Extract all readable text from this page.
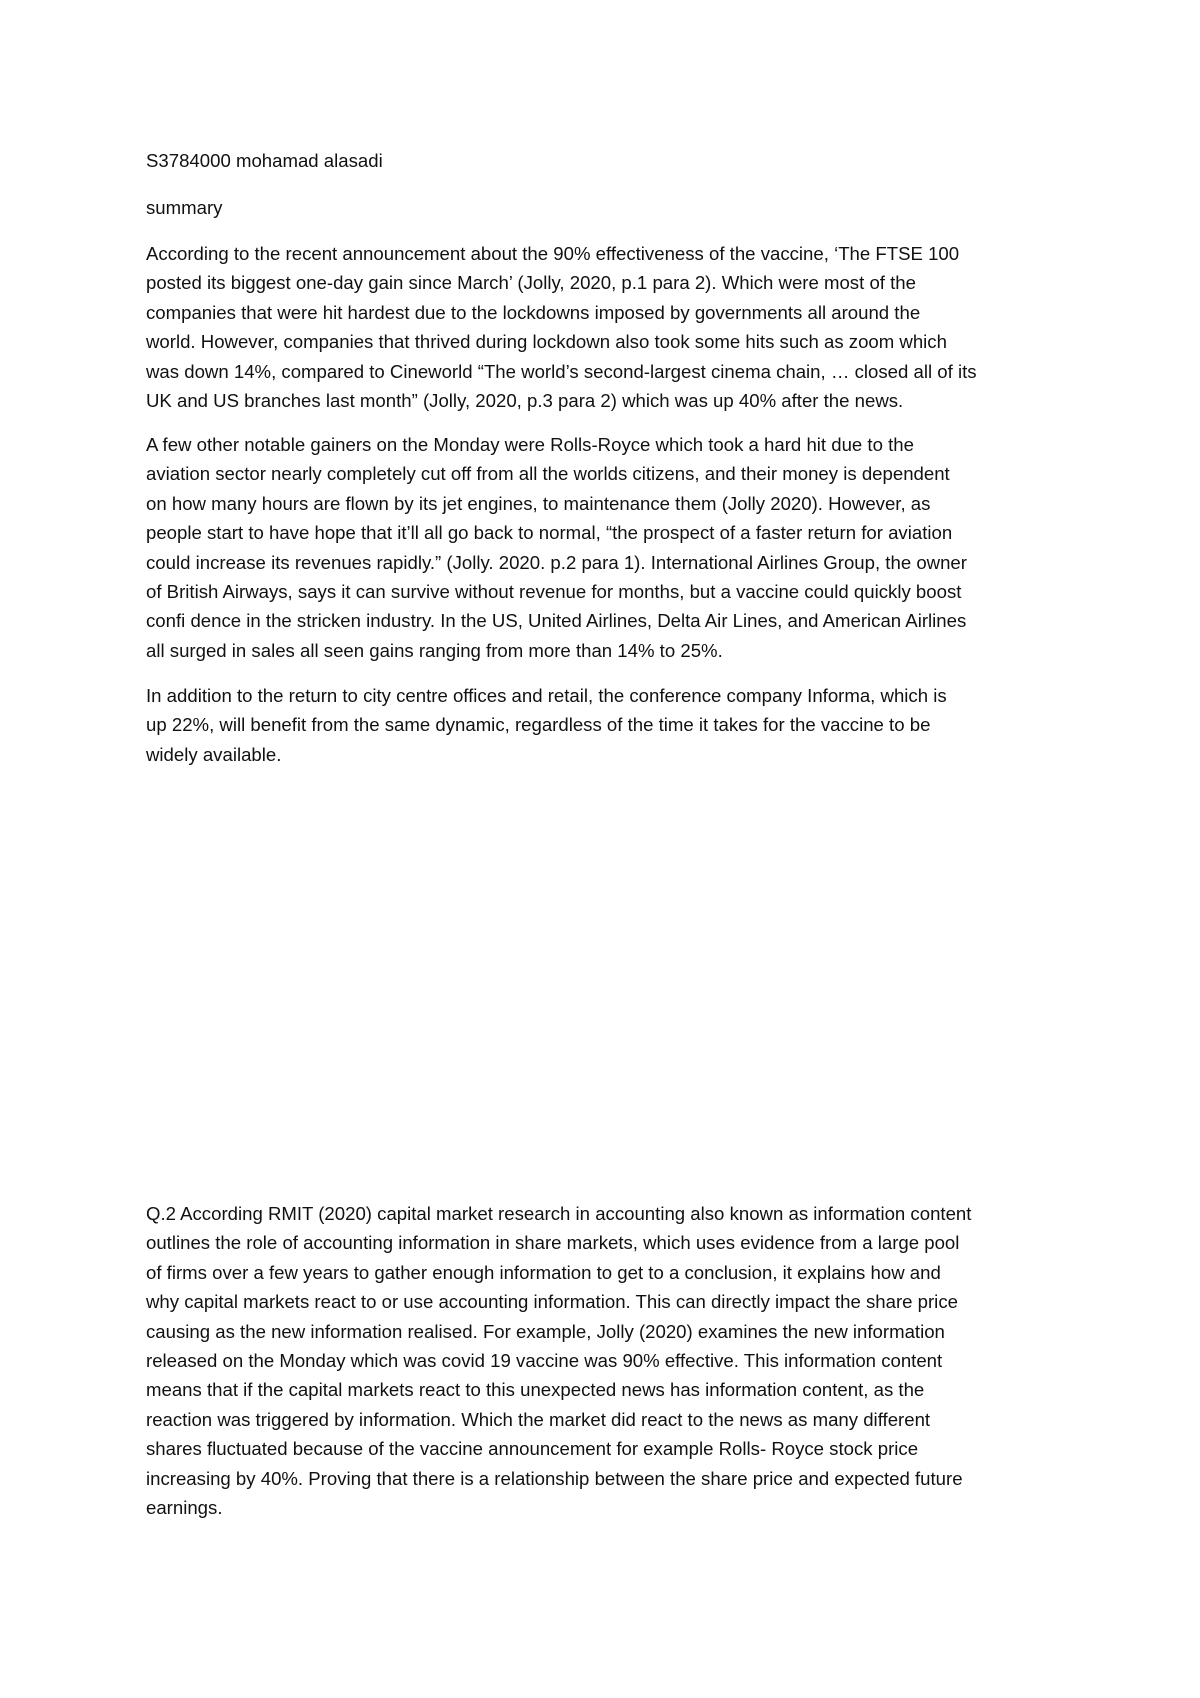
S3784000 mohamad alasadi

summary

According to the recent announcement about the 90% effectiveness of the vaccine, ‘The FTSE 100
posted its biggest one-day gain since March’ (Jolly, 2020, p.1 para 2). Which were most of the
companies that were hit hardest due to the lockdowns imposed by governments all around the
world. However, companies that thrived during lockdown also took some hits such as zoom which
was down 14%, compared to Cineworld “The world’s second-largest cinema chain, … closed all of its
UK and US branches last month” (Jolly, 2020, p.3 para 2) which was up 40% after the news.
A few other notable gainers on the Monday were Rolls-Royce which took a hard hit due to the
aviation sector nearly completely cut off from all the worlds citizens, and their money is dependent
on how many hours are flown by its jet engines, to maintenance them (Jolly 2020). However, as
people start to have hope that it’ll all go back to normal, “the prospect of a faster return for aviation
could increase its revenues rapidly.” (Jolly. 2020. p.2 para 1). International Airlines Group, the owner
of British Airways, says it can survive without revenue for months, but a vaccine could quickly boost
confi dence in the stricken industry. In the US, United Airlines, Delta Air Lines, and American Airlines
all surged in sales all seen gains ranging from more than 14% to 25%.
In addition to the return to city centre offices and retail, the conference company Informa, which is
up 22%, will benefit from the same dynamic, regardless of the time it takes for the vaccine to be
widely available.
Q.2 According RMIT (2020) capital market research in accounting also known as information content
outlines the role of accounting information in share markets, which uses evidence from a large pool
of firms over a few years to gather enough information to get to a conclusion, it explains how and
why capital markets react to or use accounting information. This can directly impact the share price
causing as the new information realised. For example, Jolly (2020) examines the new information
released on the Monday which was covid 19 vaccine was 90% effective. This information content
means that if the capital markets react to this unexpected news has information content, as the
reaction was triggered by information. Which the market did react to the news as many different
shares fluctuated because of the vaccine announcement for example Rolls- Royce stock price
increasing by 40%. Proving that there is a relationship between the share price and expected future
earnings.
